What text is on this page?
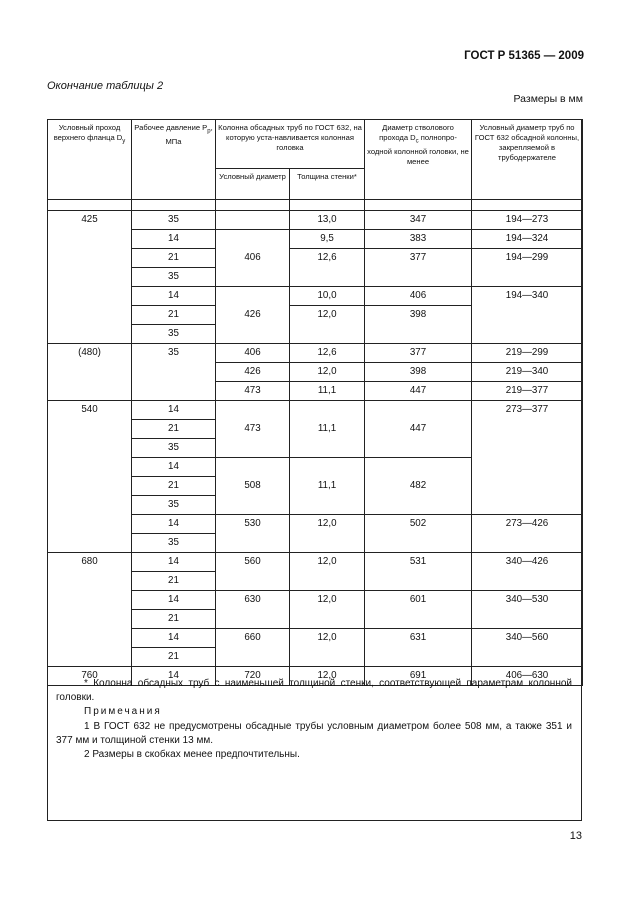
ГОСТ Р 51365 — 2009
Окончание таблицы 2
Размеры в мм
Условный проход верхнего фланца $D_у$	Рабочее давление $P_p$, МПа	Колонна обсадных труб по ГОСТ 632, на которую уста-навливается колонная головка		Диаметр стволового прохода $D_c$ полнопро-ходной колонной головки, не менее	Условный диаметр труб по ГОСТ 632 обсадной колонны, закрепляемой в трубодержателе
		Условный диаметр	Толщина стенки*		

425	35		13,0	347	194—273
	14	406	9,5	383	194—324
	21		12,6	377	194—299
	35				
	14	426	10,0	406	194—340
	21		12,0	398	
	35				
(480)	35	406	12,6	377	219—299
		426	12,0	398	219—340
		473	11,1	447	219—377
540	14	473	11,1	447	273—377
	21				
	35				
	14	508	11,1	482	
	21				
	35				
	14	530	12,0	502	273—426
	35				
680	14	560	12,0	531	340—426
	21				
	14	630	12,0	601	340—530
	21				
	14	660	12,0	631	340—560
	21				
760	14	720	12,0	691	406—630

* Колонна обсадных труб с наименьшей толщиной стенки, соответствующей параметрам колонной головки.

Примечания

1 В ГОСТ 632 не предусмотрены обсадные трубы условным диаметром более 508 мм, а также 351 и 377 мм и толщиной стенки 13 мм.

2 Размеры в скобках менее предпочтительны.

13
